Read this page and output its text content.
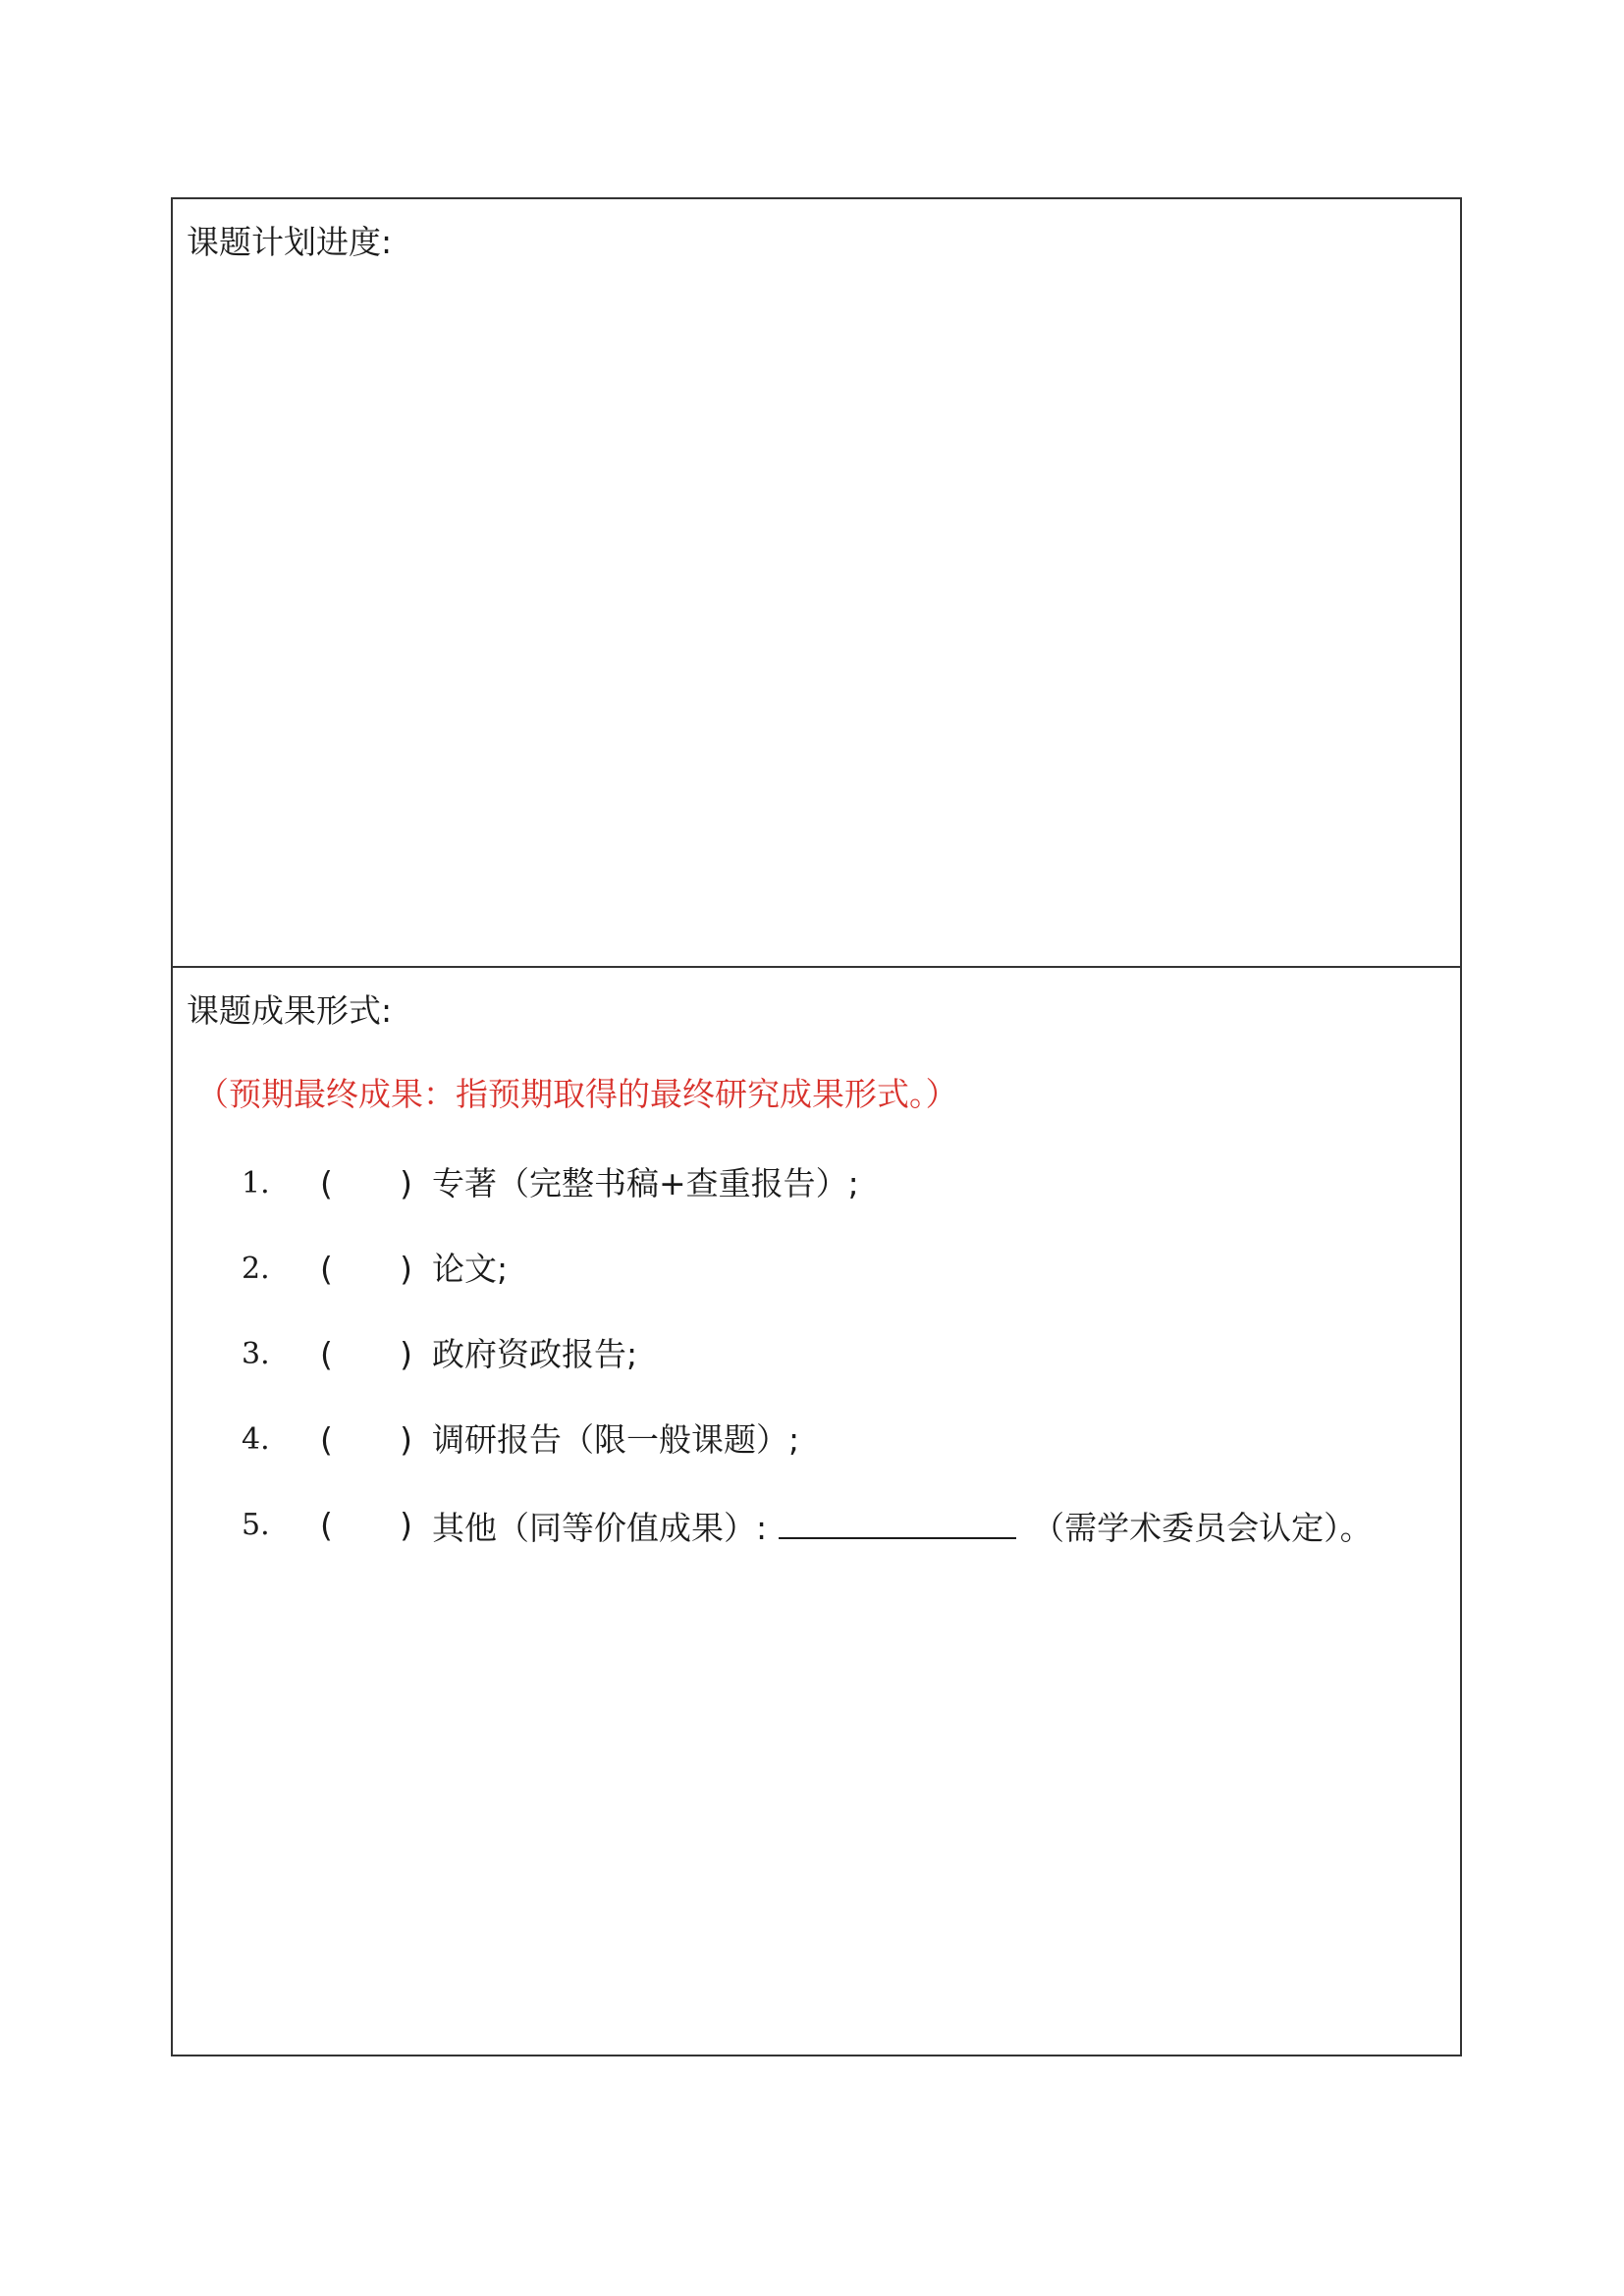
课题计划进度:
课题成果形式:
（预期最终成果：指预期取得的最终研究成果形式。）
1.	( ) 专著（完整书稿+查重报告）;
2.	( ) 论文;
3.	( ) 政府资政报告;
4.	( ) 调研报告（限一般课题）;
5.	( ) 其他（同等价值成果）:	（需学术委员会认定）。
